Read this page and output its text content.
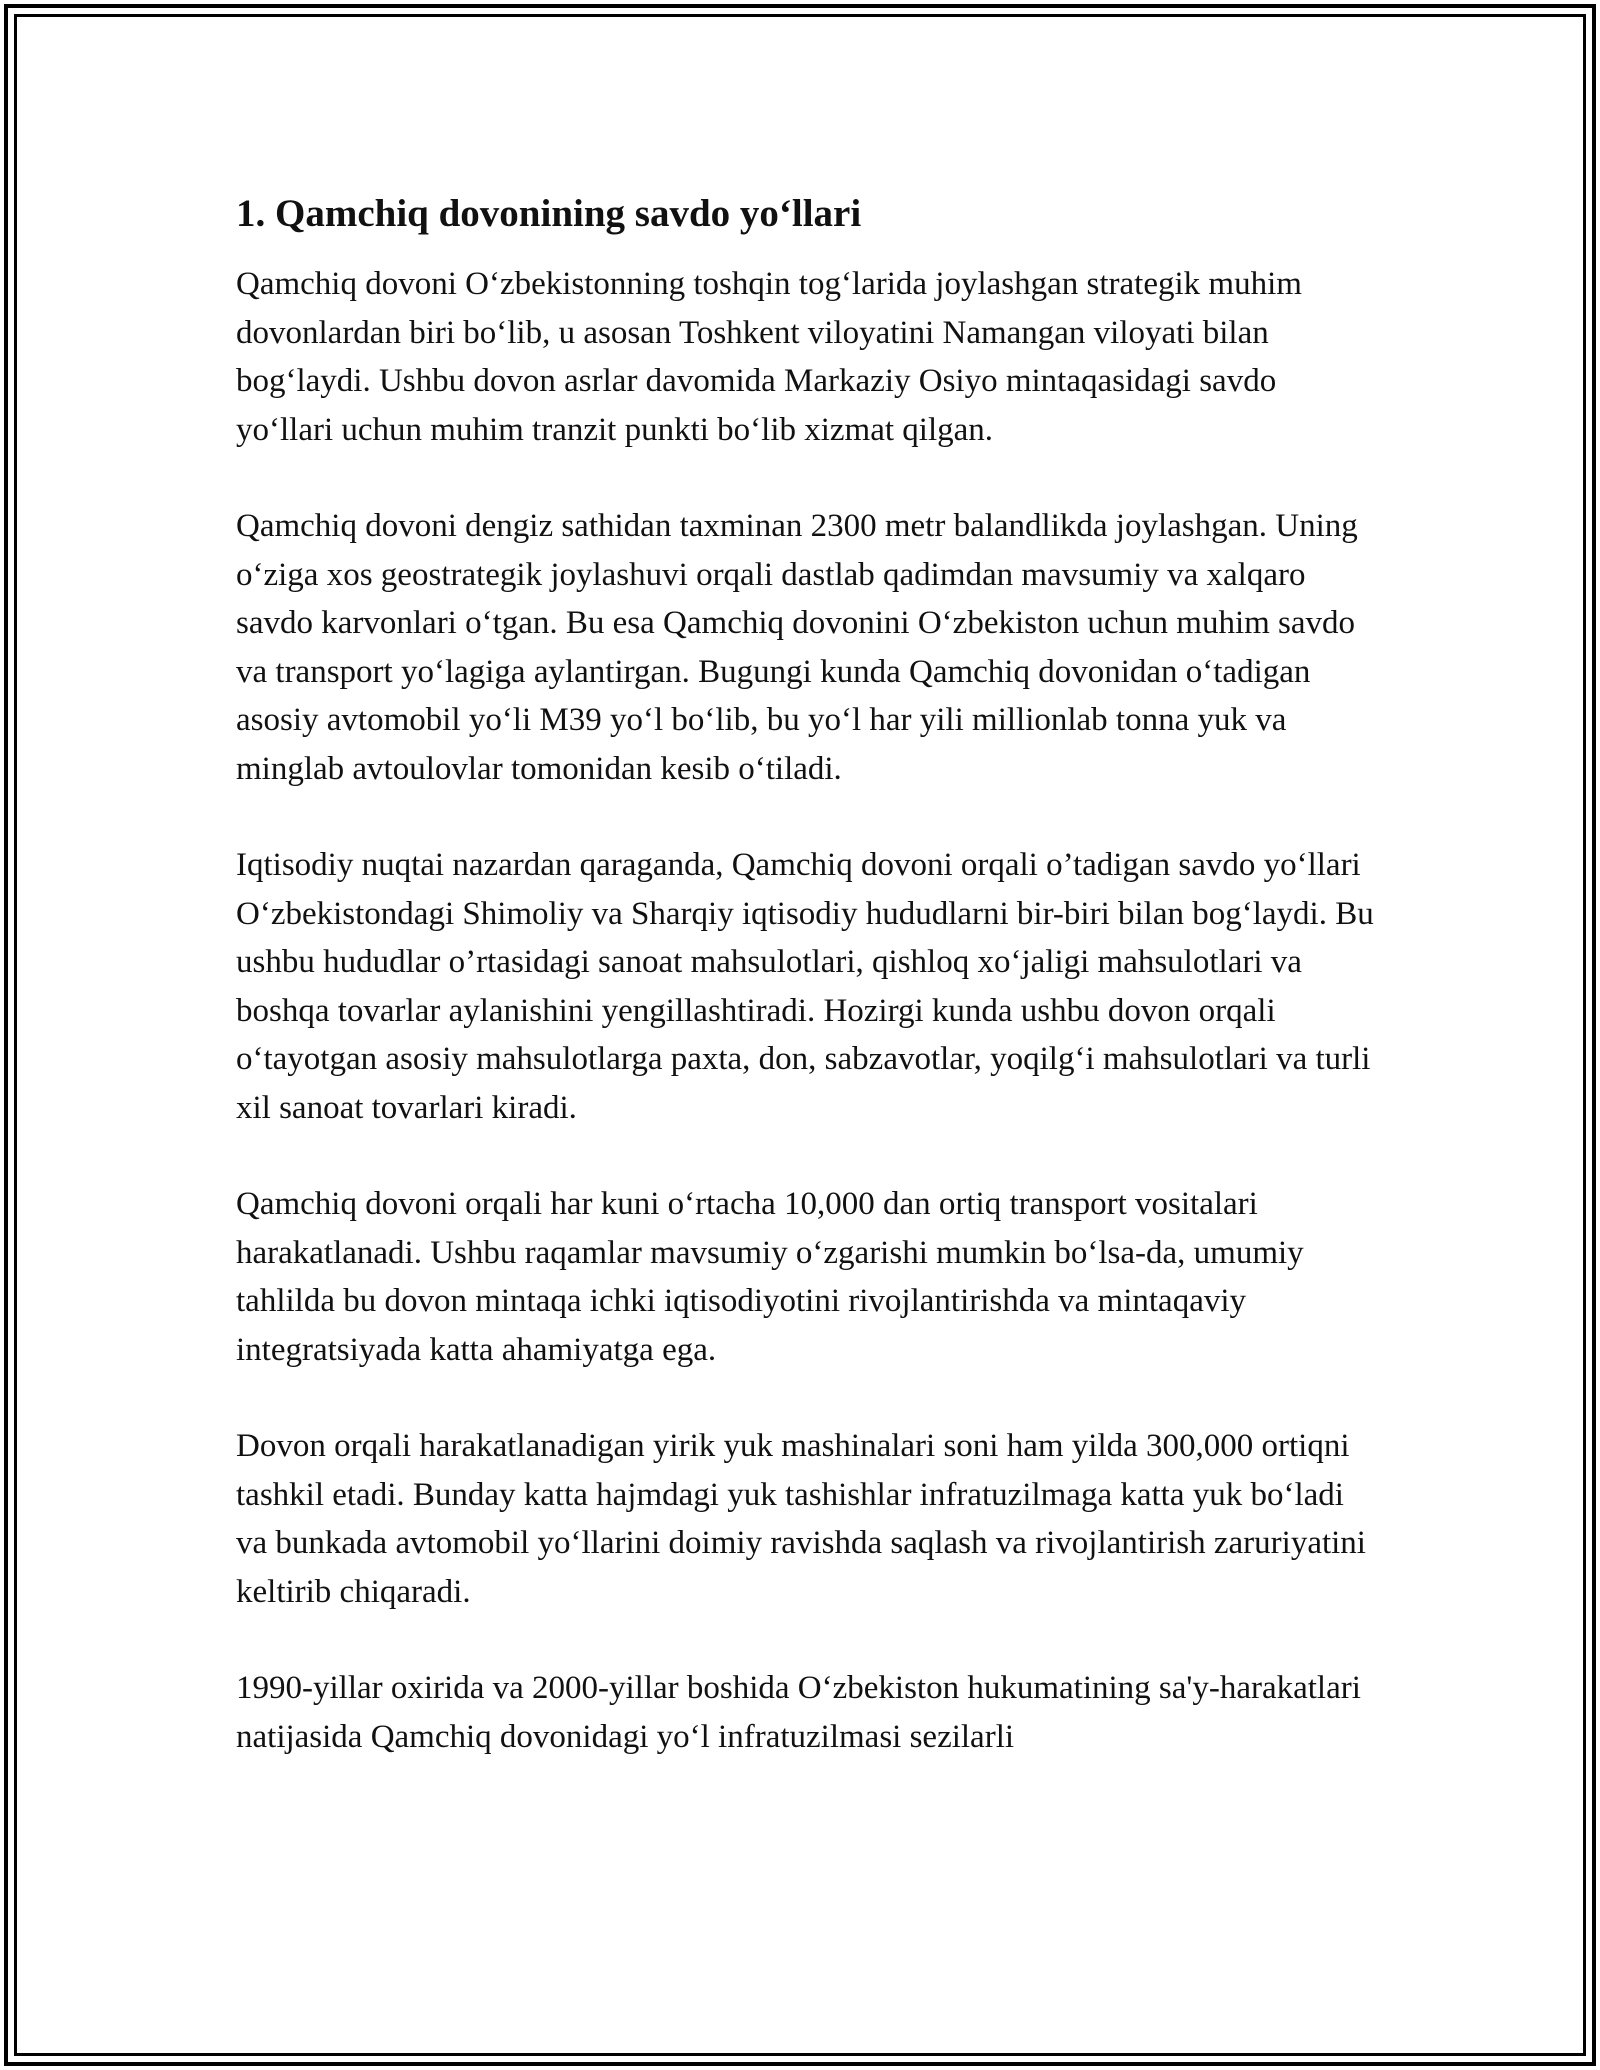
1. Qamchiq dovonining savdo yo‘llari

Qamchiq dovoni O‘zbekistonning toshqin tog‘larida joylashgan strategik muhim dovonlardan biri bo‘lib, u asosan Toshkent viloyatini Namangan viloyati bilan bog‘laydi. Ushbu dovon asrlar davomida Markaziy Osiyo mintaqasidagi savdo yo‘llari uchun muhim tranzit punkti bo‘lib xizmat qilgan.

Qamchiq dovoni dengiz sathidan taxminan 2300 metr balandlikda joylashgan. Uning o‘ziga xos geostrategik joylashuvi orqali dastlab qadimdan mavsumiy va xalqaro savdo karvonlari o‘tgan. Bu esa Qamchiq dovonini O‘zbekiston uchun muhim savdo va transport yo‘lagiga aylantirgan. Bugungi kunda Qamchiq dovonidan o‘tadigan asosiy avtomobil yo‘li M39 yo‘l bo‘lib, bu yo‘l har yili millionlab tonna yuk va minglab avtoulovlar tomonidan kesib o‘tiladi.

Iqtisodiy nuqtai nazardan qaraganda, Qamchiq dovoni orqali o’tadigan savdo yo‘llari O‘zbekistondagi Shimoliy va Sharqiy iqtisodiy hududlarni bir-biri bilan bog‘laydi. Bu ushbu hududlar o’rtasidagi sanoat mahsulotlari, qishloq xo‘jaligi mahsulotlari va boshqa tovarlar aylanishini yengillashtiradi. Hozirgi kunda ushbu dovon orqali o‘tayotgan asosiy mahsulotlarga paxta, don, sabzavotlar, yoqilg‘i mahsulotlari va turli xil sanoat tovarlari kiradi.

Qamchiq dovoni orqali har kuni o‘rtacha 10,000 dan ortiq transport vositalari harakatlanadi. Ushbu raqamlar mavsumiy o‘zgarishi mumkin bo‘lsa-da, umumiy tahlilda bu dovon mintaqa ichki iqtisodiyotini rivojlantirishda va mintaqaviy integratsiyada katta ahamiyatga ega.

Dovon orqali harakatlanadigan yirik yuk mashinalari soni ham yilda 300,000 ortiqni tashkil etadi. Bunday katta hajmdagi yuk tashishlar infratuzilmaga katta yuk bo‘ladi va bunkada avtomobil yo‘llarini doimiy ravishda saqlash va rivojlantirish zaruriyatini keltirib chiqaradi.

1990-yillar oxirida va 2000-yillar boshida O‘zbekiston hukumatining sa'y-harakatlari natijasida Qamchiq dovonidagi yo‘l infratuzilmasi sezilarli
